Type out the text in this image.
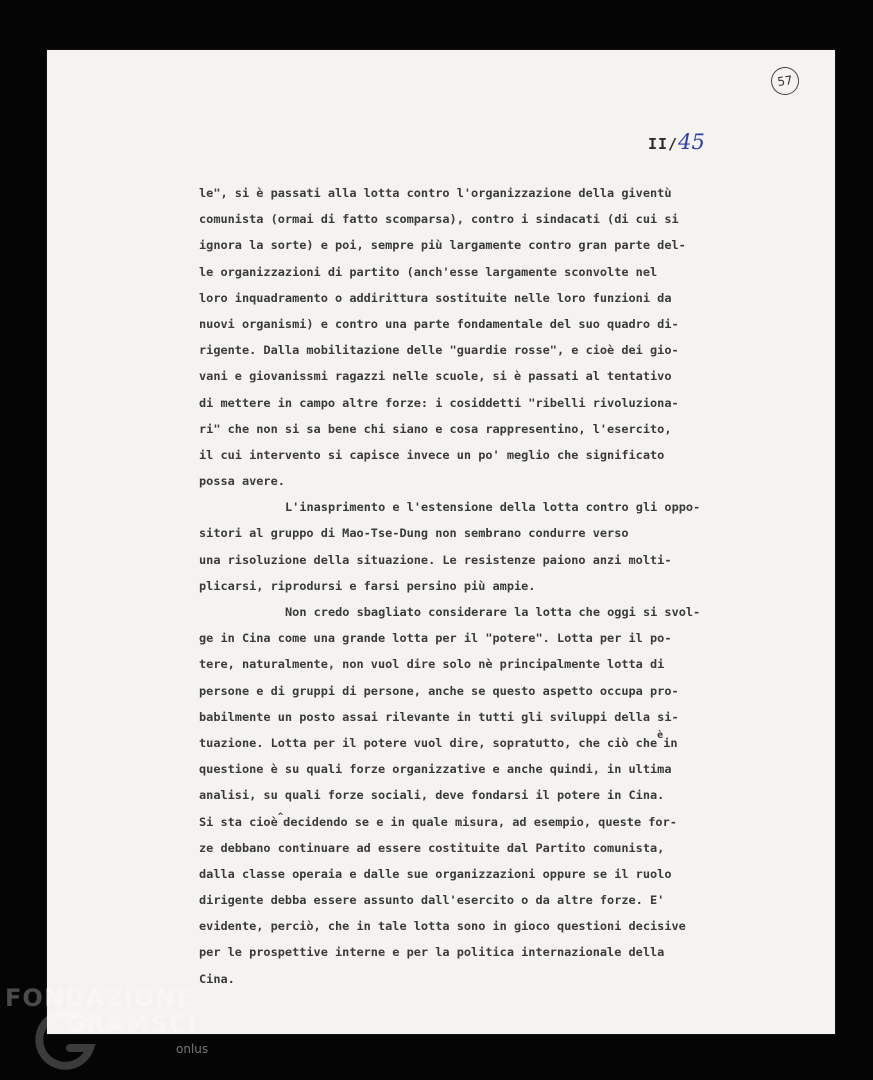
57
II/45
le", si è passati alla lotta contro l'organizzazione della giventù
comunista (ormai di fatto scomparsa), contro i sindacati (di cui si
ignora la sorte) e poi, sempre più largamente contro gran parte del-
le organizzazioni di partito (anch'esse largamente sconvolte nel
loro inquadramento o addirittura sostituite nelle loro funzioni da
nuovi organismi) e contro una parte fondamentale del suo quadro di-
rigente. Dalla mobilitazione delle "guardie rosse", e cioè dei gio-
vani e giovanissmi ragazzi nelle scuole, si è passati al tentativo
di mettere in campo altre forze: i cosiddetti "ribelli rivoluziona-
ri" che non si sa bene chi siano e cosa rappresentino, l'esercito,
il cui intervento si capisce invece un po' meglio che significato
possa avere.
L'inasprimento e l'estensione della lotta contro gli oppo-
sitori al gruppo di Mao-Tse-Dung non sembrano condurre verso
una risoluzione della situazione. Le resistenze paiono anzi molti-
plicarsi, riprodursi e farsi persino più ampie.
Non credo sbagliato considerare la lotta che oggi si svol-
ge in Cina come una grande lotta per il "potere". Lotta per il po-
tere, naturalmente, non vuol dire solo nè principalmente lotta di
persone e di gruppi di persone, anche se questo aspetto occupa pro-
babilmente un posto assai rilevante in tutti gli sviluppi della si-
tuazione. Lotta per il potere vuol dire, sopratutto, che ciò che$^è$in
questione è su quali forze organizzative e anche quindi, in ultima
analisi, su quali forze sociali, deve fondarsi il potere in Cina.
Si sta cioè^decidendo se e in quale misura, ad esempio, queste for-
ze debbano continuare ad essere costituite dal Partito comunista,
dalla classe operaia e dalle sue organizzazioni oppure se il ruolo
dirigente debba essere assunto dall'esercito o da altre forze. E'
evidente, perciò, che in tale lotta sono in gioco questioni decisive
per le prospettive interne e per la politica internazionale della
Cina.
FONDAZIONE
GRAMSCI
onlus
